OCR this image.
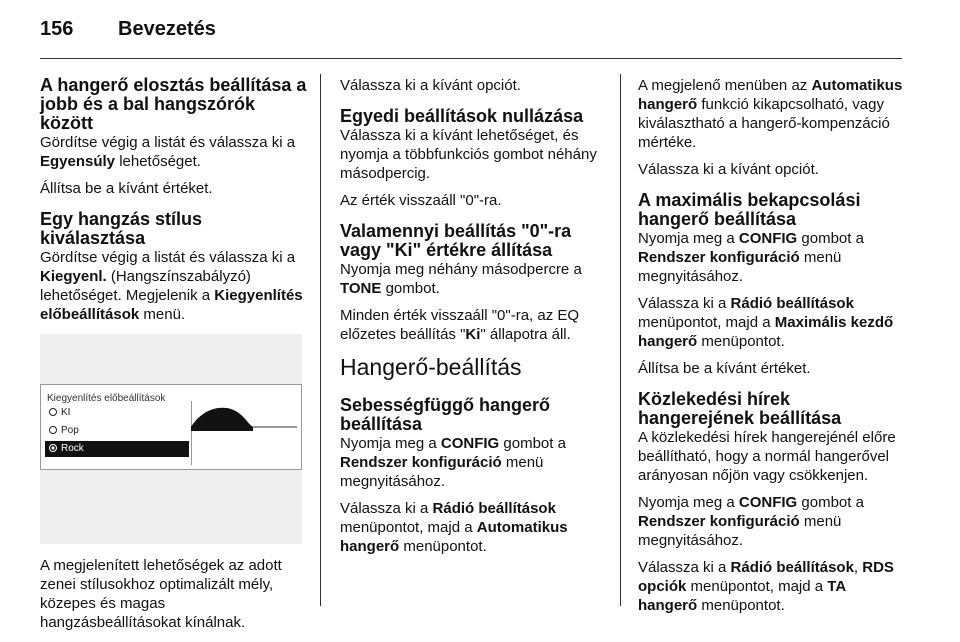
156 Bevezetés
A hangerő elosztás beállítása a jobb és a bal hangszórók között

Gördítse végig a listát és válassza ki a Egyensúly lehetőséget.

Állítsa be a kívánt értéket.

Egy hangzás stílus kiválasztása

Gördítse végig a listát és válassza ki a Kiegyenl. (Hangszínszabályzó) lehetőséget. Megjelenik a Kiegyenlítés előbeállítások menü.

Kiegyenlítés előbeállítások
KI
Pop
Rock

A megjelenített lehetőségek az adott zenei stílusokhoz optimalizált mély, közepes és magas hangzásbeállításokat kínálnak.

Válassza ki a kívánt opciót.

Egyedi beállítások nullázása

Válassza ki a kívánt lehetőséget, és nyomja a többfunkciós gombot néhány másodpercig.

Az érték visszaáll "0"-ra.

Valamennyi beállítás "0"-ra vagy "Ki" értékre állítása

Nyomja meg néhány másodpercre a TONE gombot.

Minden érték visszaáll "0"-ra, az EQ előzetes beállítás "Ki" állapotra áll.

Hangerő-beállítás
Sebességfüggő hangerő beállítása

Nyomja meg a CONFIG gombot a Rendszer konfiguráció menü megnyitásához.

Válassza ki a Rádió beállítások menüpontot, majd a Automatikus hangerő menüpontot.

A megjelenő menüben az Automatikus hangerő funkció kikapcsolható, vagy kiválasztható a hangerő-kompenzáció mértéke.

Válassza ki a kívánt opciót.

A maximális bekapcsolási hangerő beállítása

Nyomja meg a CONFIG gombot a Rendszer konfiguráció menü megnyitásához.

Válassza ki a Rádió beállítások menüpontot, majd a Maximális kezdő hangerő menüpontot.

Állítsa be a kívánt értéket.

Közlekedési hírek hangerejének beállítása

A közlekedési hírek hangerejénél előre beállítható, hogy a normál hangerővel arányosan nőjön vagy csökkenjen.

Nyomja meg a CONFIG gombot a Rendszer konfiguráció menü megnyitásához.

Válassza ki a Rádió beállítások, RDS opciók menüpontot, majd a TA hangerő menüpontot.
